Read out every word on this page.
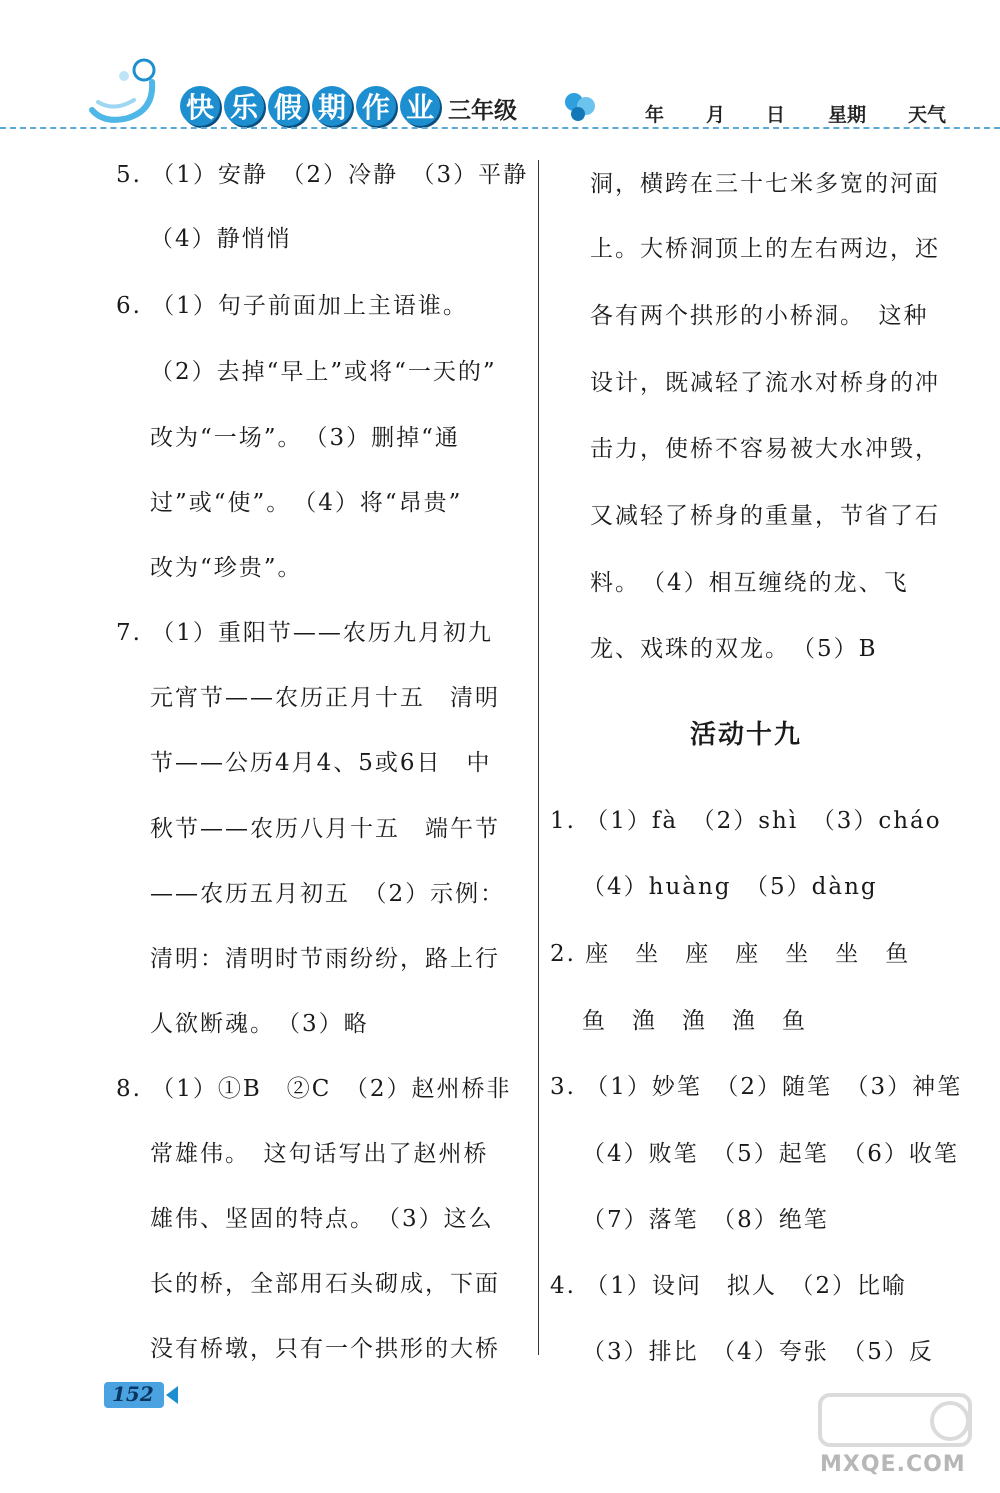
快 乐 假 期 作 业 三年级	年 月 日 星期 天气
5. （1）安静　（2）冷静　（3）平静
（4）静悄悄
6. （1）句子前面加上主语谁。
（2）去掉“早上”或将“一天的”
改为“一场”。　（3）删掉“通
过”或“使”。　（4）将“昂贵”
改为“珍贵”。
7. （1）重阳节——农历九月初九
元宵节——农历正月十五　清明
节——公历4月4、5或6日　中
秋节——农历八月十五　端午节
——农历五月初五　（2）示例：
清明：清明时节雨纷纷，路上行
人欲断魂。　（3）略
8. （1）①B　②C　（2）赵州桥非
常雄伟。　这句话写出了赵州桥
雄伟、坚固的特点。　（3）这么
长的桥，全部用石头砌成，下面
没有桥墩，只有一个拱形的大桥
洞，横跨在三十七米多宽的河面
上。大桥洞顶上的左右两边，还
各有两个拱形的小桥洞。　这种
设计，既减轻了流水对桥身的冲
击力，使桥不容易被大水冲毁，
又减轻了桥身的重量，节省了石
料。　（4）相互缠绕的龙、飞
龙、戏珠的双龙。　（5）B
活动十九
1. （1）fà　（2）shì　（3）cháo
（4）huàng　（5）dàng
2. 座　坐　座　座　坐　坐　鱼
鱼　渔　渔　渔　鱼
3. （1）妙笔　（2）随笔　（3）神笔
（4）败笔　（5）起笔　（6）收笔
（7）落笔　（8）绝笔
4. （1）设问　拟人　（2）比喻
（3）排比　（4）夸张　（5）反
152
MXQE.COM
